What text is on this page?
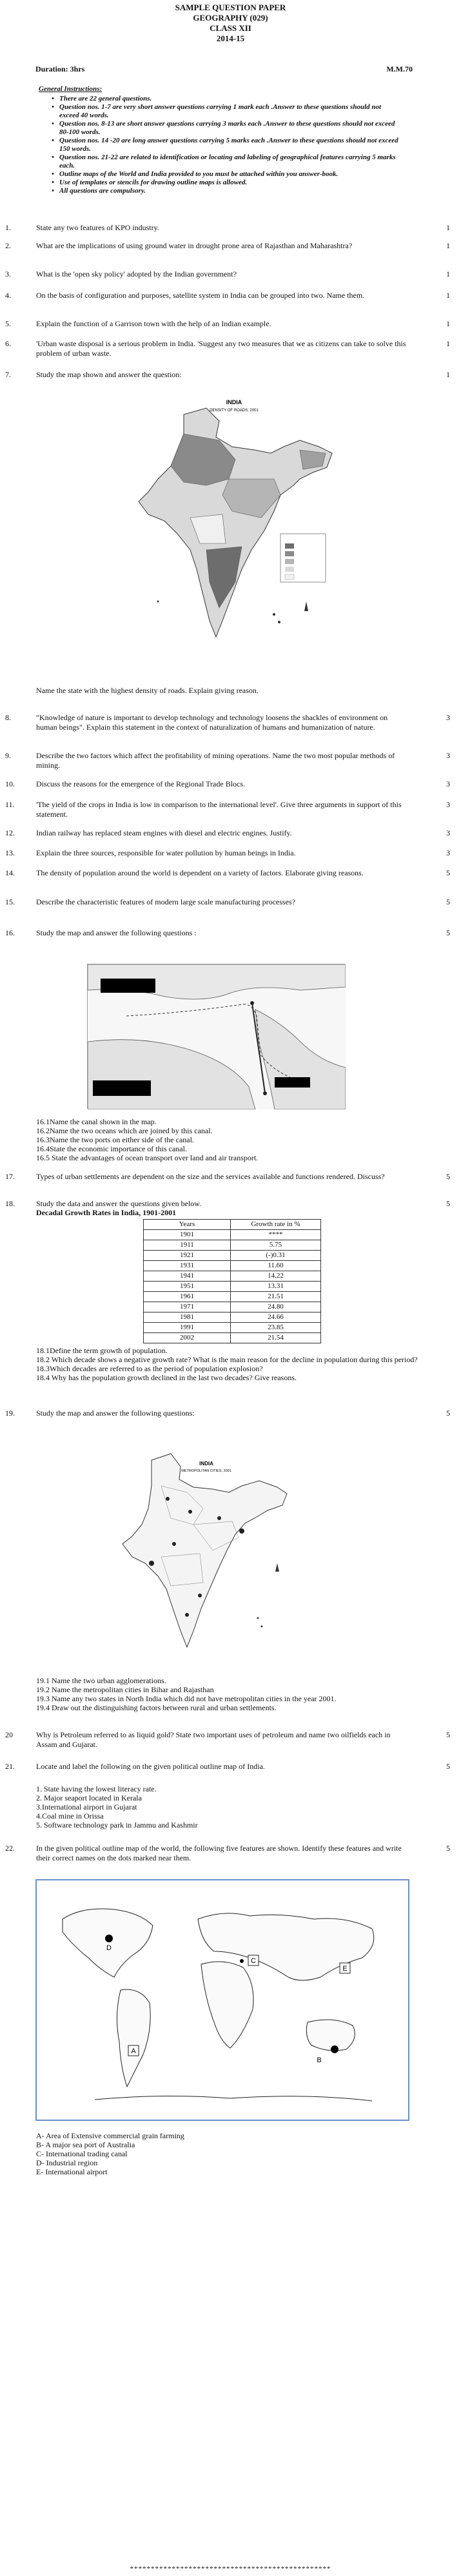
SAMPLE QUESTION PAPER
GEOGRAPHY (029)
CLASS XII
2014-15
Duration: 3hrs	M.M.70
General Instructions:
• There are 22 general questions.
• Question nos. 1-7 are very short answer questions carrying 1 mark each .Answer to these questions should not exceed 40 words.
• Question nos. 8-13 are short answer questions carrying 3 marks each .Answer to these questions should not exceed 80-100 words.
• Question nos. 14 -20 are long answer questions carrying 5 marks each .Answer to these questions should not exceed 150 words.
• Question nos. 21-22 are related to identification or locating and labeling of geographical features carrying 5 marks each.
• Outline maps of the World and India provided to you must be attached within you answer-book.
• Use of templates or stencils for drawing outline maps is allowed.
• All questions are compulsory.
1.	State any two features of KPO industry.	1
2.	What are the implications of using ground water in drought prone area of Rajasthan and Maharashtra?	1
3.	What is the 'open sky policy' adopted by the Indian government?	1
4.	On the basis of configuration and purposes, satellite system in India can be grouped into two. Name them.	1
5.	Explain the function of a Garrison town with the help of an Indian example.	1
6.	'Urban waste disposal is a serious problem in India. 'Suggest any two measures that we as citizens can take to solve this problem of urban waste.
1
7.	Study the map shown and answer the question:	1
INDIA
DENSITY OF ROADS, 2001
Name the state with the highest density of roads. Explain giving reason.
8.	"Knowledge of nature is important to develop technology and technology loosens the shackles of environment on human beings". Explain this statement in the context of naturalization of humans and humanization of nature.
3
9.	Describe the two factors which affect the profitability of mining operations. Name the two most popular methods of mining.
3
10.	Discuss the reasons for the emergence of the Regional Trade Blocs.	3
11.	'The yield of the crops in India is low in comparison to the international level'. Give three arguments in support of this statement.
3
12.	Indian railway has replaced steam engines with diesel and electric engines. Justify.	3
13.	Explain the three sources, responsible for water pollution by human beings in India.	3
14.	The density of population around the world is dependent on a variety of factors. Elaborate giving reasons.	5
15.	Describe the characteristic features of modern large scale manufacturing processes?	5
16.	Study the map and answer the following questions :	5
16.1Name the canal shown in the map.
16.2Name the two oceans which are joined by this canal.
16.3Name the two ports on either side of the canal.
16.4State the economic importance of this canal.
16.5 State the advantages of ocean transport over land and air transport.
17.	Types of urban settlements are dependent on the size and the services available and functions rendered. Discuss?	5
18.	Study the data and answer the questions given below.	5
Decadal Growth Rates in India, 1901-2001
Years	Growth rate in %
1901	****
1911	5.75
1921	(-)0.31
1931	11.60
1941	14.22
1951	13.31
1961	21.51
1971	24.80
1981	24.66
1991	23.85
2002	21.54
18.1Define the term growth of population.
18.2 Which decade shows a negative growth rate? What is the main reason for the decline in population during this period?
18.3Which decades are referred to as the period of population explosion?
18.4 Why has the population growth declined in the last two decades? Give reasons.
19.	Study the map and answer the following questions:	5
INDIA
METROPOLITAN CITIES, 2001
19.1 Name the two urban agglomerations.
19.2 Name the metropolitan cities in Bihar and Rajasthan
19.3 Name any two states in North India which did not have metropolitan cities in the year 2001.
19.4 Draw out the distinguishing factors between rural and urban settlements.
20	Why is Petroleum referred to as liquid gold? State two important uses of petroleum and name two oilfields each in Assam and Gujarat.
5
21.	Locate and label the following on the given political outline map of India.	5
1. State having the lowest literacy rate.
2. Major seaport located in Kerala
3.International airport in Gujarat
4.Coal mine in Orissa
5. Software technology park in Jammu and Kashmir
22.	In the given political outline map of the world, the following five features are shown. Identify these features and write their correct names on the dots marked near them.
5
D
C
E
A
B
A- Area of Extensive commercial grain farming
B- A major sea port of Australia
C- International trading canal
D- Industrial region
E- International airport
************************************************
